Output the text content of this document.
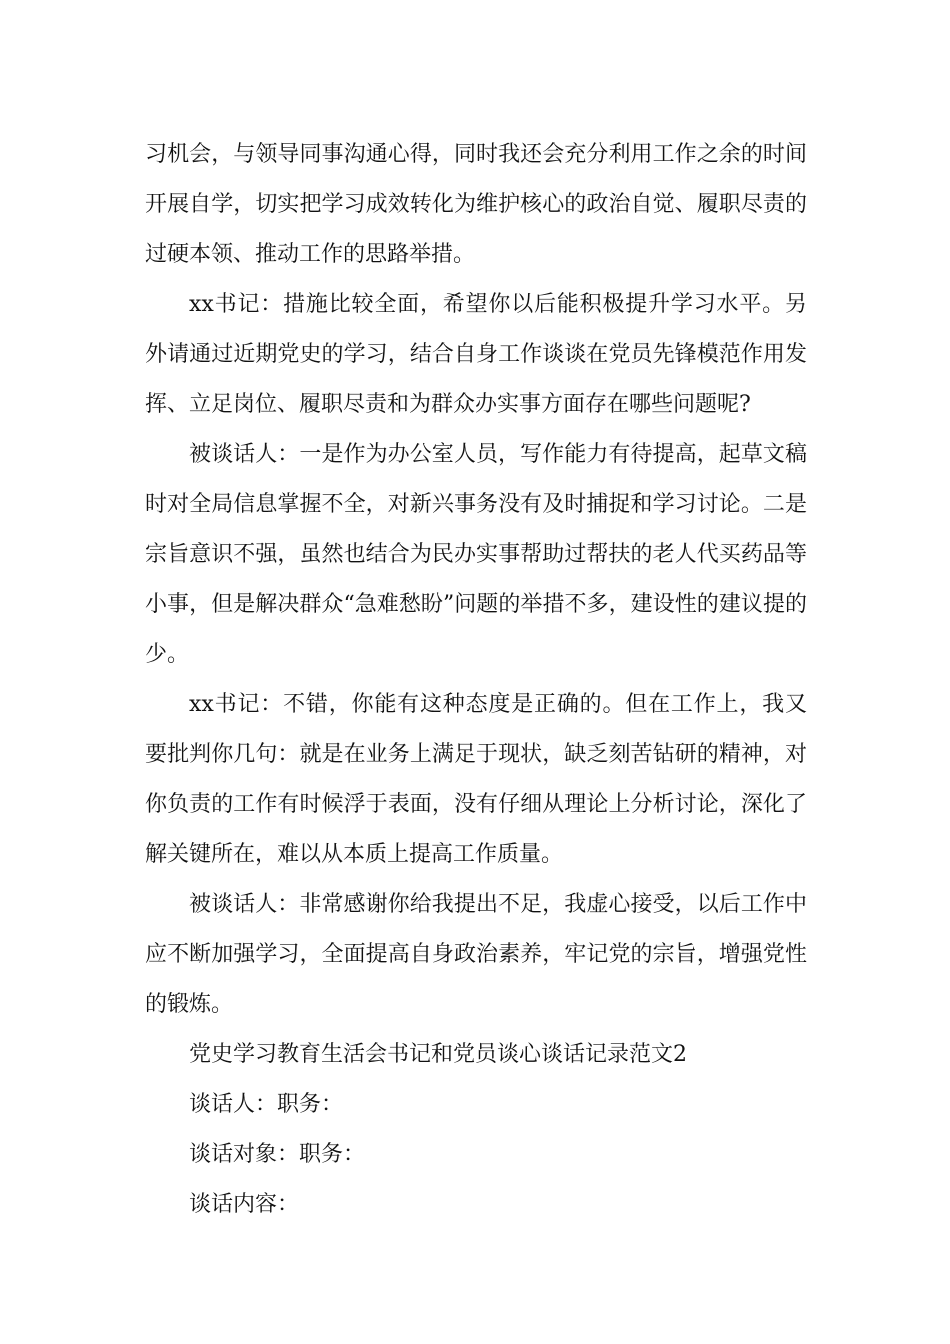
习机会，与领导同事沟通心得，同时我还会充分利用工作之余的时间开展自学，切实把学习成效转化为维护核心的政治自觉、履职尽责的过硬本领、推动工作的思路举措。

xx书记：措施比较全面，希望你以后能积极提升学习水平。另外请通过近期党史的学习，结合自身工作谈谈在党员先锋模范作用发挥、立足岗位、履职尽责和为群众办实事方面存在哪些问题呢?

被谈话人：一是作为办公室人员，写作能力有待提高，起草文稿时对全局信息掌握不全，对新兴事务没有及时捕捉和学习讨论。二是宗旨意识不强，虽然也结合为民办实事帮助过帮扶的老人代买药品等小事，但是解决群众“急难愁盼”问题的举措不多，建设性的建议提的少。

xx书记：不错，你能有这种态度是正确的。但在工作上，我又要批判你几句：就是在业务上满足于现状，缺乏刻苦钻研的精神，对你负责的工作有时候浮于表面，没有仔细从理论上分析讨论，深化了解关键所在，难以从本质上提高工作质量。

被谈话人：非常感谢你给我提出不足，我虚心接受，以后工作中应不断加强学习，全面提高自身政治素养，牢记党的宗旨，增强党性的锻炼。

党史学习教育生活会书记和党员谈心谈话记录范文2

谈话人：职务：

谈话对象：职务：

谈话内容：
